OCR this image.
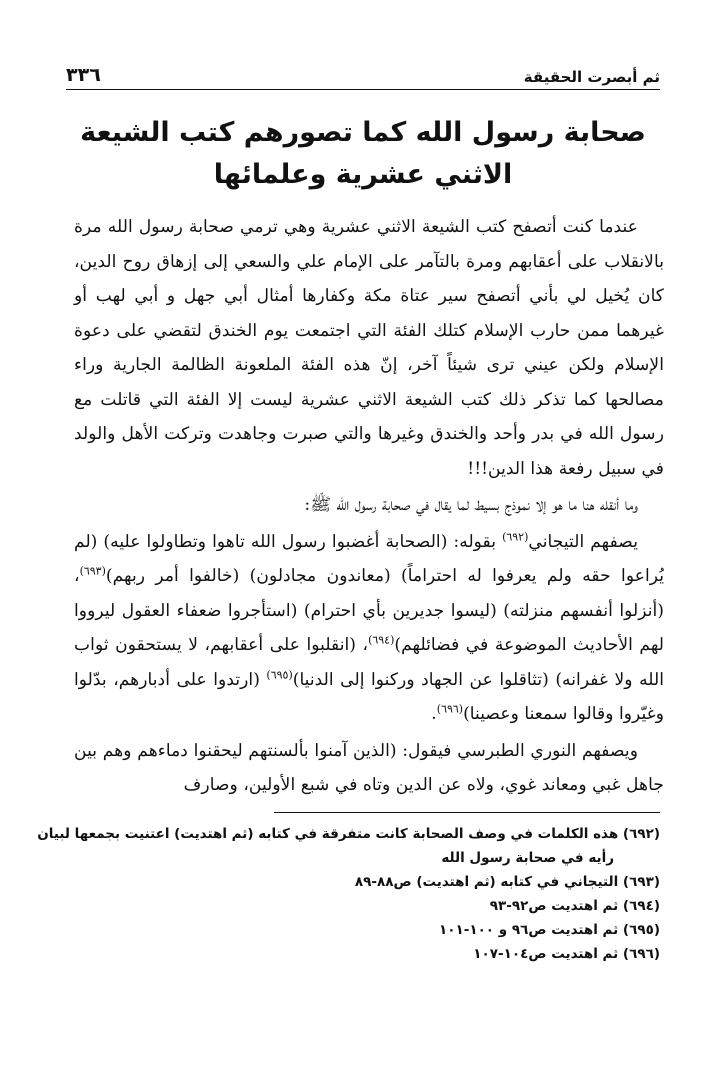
ثم أبصرت الحقيقة
٣٣٦
صحابة رسول الله كما تصورهم كتب الشيعة
الاثني عشرية وعلمائها

عندما كنت أتصفح كتب الشيعة الاثني عشرية وهي ترمي صحابة رسول الله مرة بالانقلاب على أعقابهم ومرة بالتآمر على الإمام علي والسعي إلى إزهاق روح الدين، كان يُخيل لي بأني أتصفح سير عتاة مكة وكفارها أمثال أبي جهل و أبي لهب أو غيرهما ممن حارب الإسلام كتلك الفئة التي اجتمعت يوم الخندق لتقضي على دعوة الإسلام ولكن عيني ترى شيئاً آخر، إنّ هذه الفئة الملعونة الظالمة الجارية وراء مصالحها كما تذكر ذلك كتب الشيعة الاثني عشرية ليست إلا الفئة التي قاتلت مع رسول الله في بدر وأحد والخندق وغيرها والتي صبرت وجاهدت وتركت الأهل والولد في سبيل رفعة هذا الدين!!!

وما أنقله هنا ما هو إلا نموذج بسيط لما يقال في صحابة رسول الله ﷺ:

يصفهم التيجاني$^{(٦٩٢)}$ بقوله: (الصحابة أغضبوا رسول الله تاهوا وتطاولوا عليه) (لم يُراعوا حقه ولم يعرفوا له احتراماً) (معاندون مجادلون) (خالفوا أمر ربهم)$^{(٦٩٣)}$، (أنزلوا أنفسهم منزلته) (ليسوا جديرين بأي احترام) (استأجروا ضعفاء العقول ليرووا لهم الأحاديث الموضوعة في فضائلهم)$^{(٦٩٤)}$، (انقلبوا على أعقابهم، لا يستحقون ثواب الله ولا غفرانه) (تثاقلوا عن الجهاد وركنوا إلى الدنيا)$^{(٦٩٥)}$ (ارتدوا على أدبارهم، بدّلوا وغيّروا وقالوا سمعنا وعصينا)$^{(٦٩٦)}$.

ويصفهم النوري الطبرسي فيقول: (الذين آمنوا بألسنتهم ليحقنوا دماءهم وهم بين جاهل غبي ومعاند غوي، ولاه عن الدين وتاه في شبع الأولين، وصارف

(٦٩٢) هذه الكلمات في وصف الصحابة كانت متفرقة في كتابه (ثم اهتديت) اعتنيت بجمعها لبيان

رأيه في صحابة رسول الله

(٦٩٣) التيجاني في كتابه (ثم اهتديت) ص٨٨-٨٩

(٦٩٤) ثم اهتديت ص٩٢-٩٣

(٦٩٥) ثم اهتديت ص٩٦ و ١٠٠-١٠١

(٦٩٦) ثم اهتديت ص١٠٤-١٠٧
